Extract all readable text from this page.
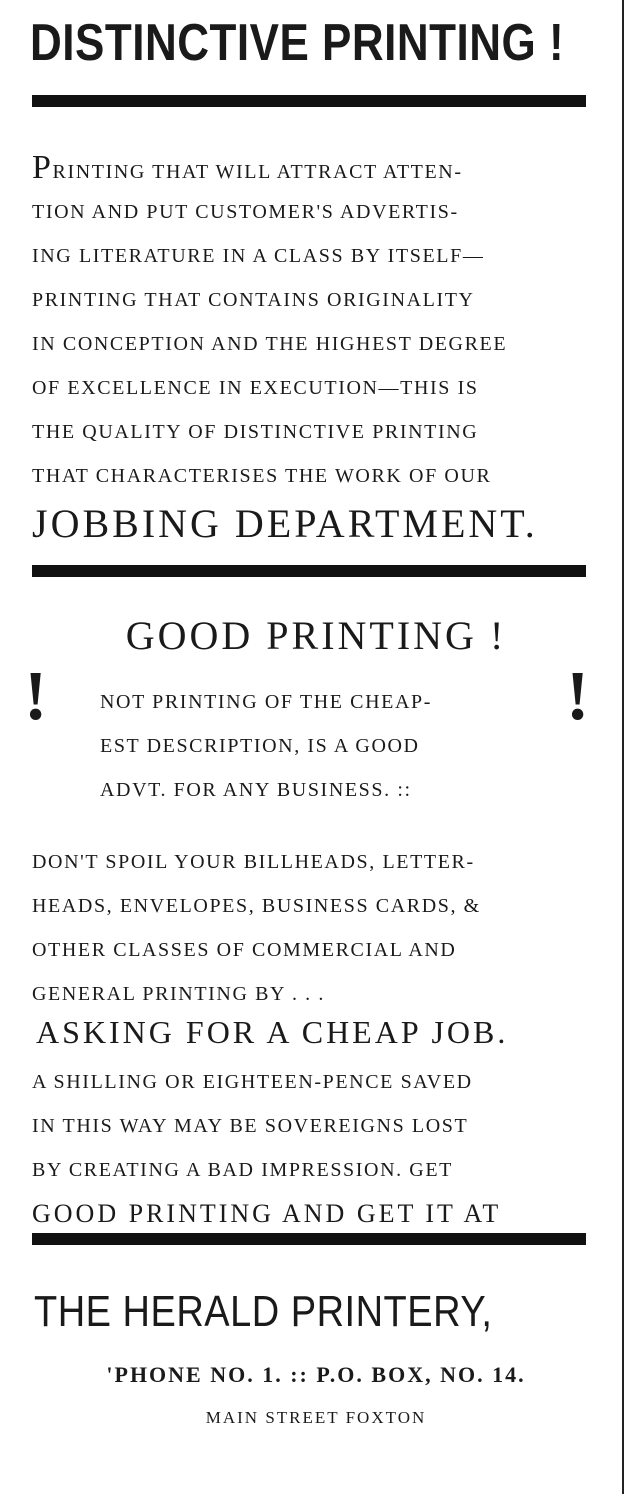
DISTINCTIVE PRINTING !
PRINTING THAT WILL ATTRACT ATTEN-
TION AND PUT CUSTOMER'S ADVERTIS-
ING LITERATURE IN A CLASS BY ITSELF—
PRINTING THAT CONTAINS ORIGINALITY
IN CONCEPTION AND THE HIGHEST DEGREE
OF EXCELLENCE IN EXECUTION—THIS IS
THE QUALITY OF DISTINCTIVE PRINTING
THAT CHARACTERISES THE WORK OF OUR
JOBBING DEPARTMENT.
GOOD PRINTING !
!	!
NOT PRINTING OF THE CHEAP-
EST DESCRIPTION, IS A GOOD
ADVT. FOR ANY BUSINESS. ::
DON'T SPOIL YOUR BILLHEADS, LETTER-
HEADS, ENVELOPES, BUSINESS CARDS, &
OTHER CLASSES OF COMMERCIAL AND
GENERAL PRINTING BY . . .
ASKING FOR A CHEAP JOB.
A SHILLING OR EIGHTEEN-PENCE SAVED
IN THIS WAY MAY BE SOVEREIGNS LOST
BY CREATING A BAD IMPRESSION. GET
GOOD PRINTING AND GET IT AT
THE HERALD PRINTERY,
'PHONE NO. 1. :: P.O. BOX, NO. 14.
MAIN STREET FOXTON
